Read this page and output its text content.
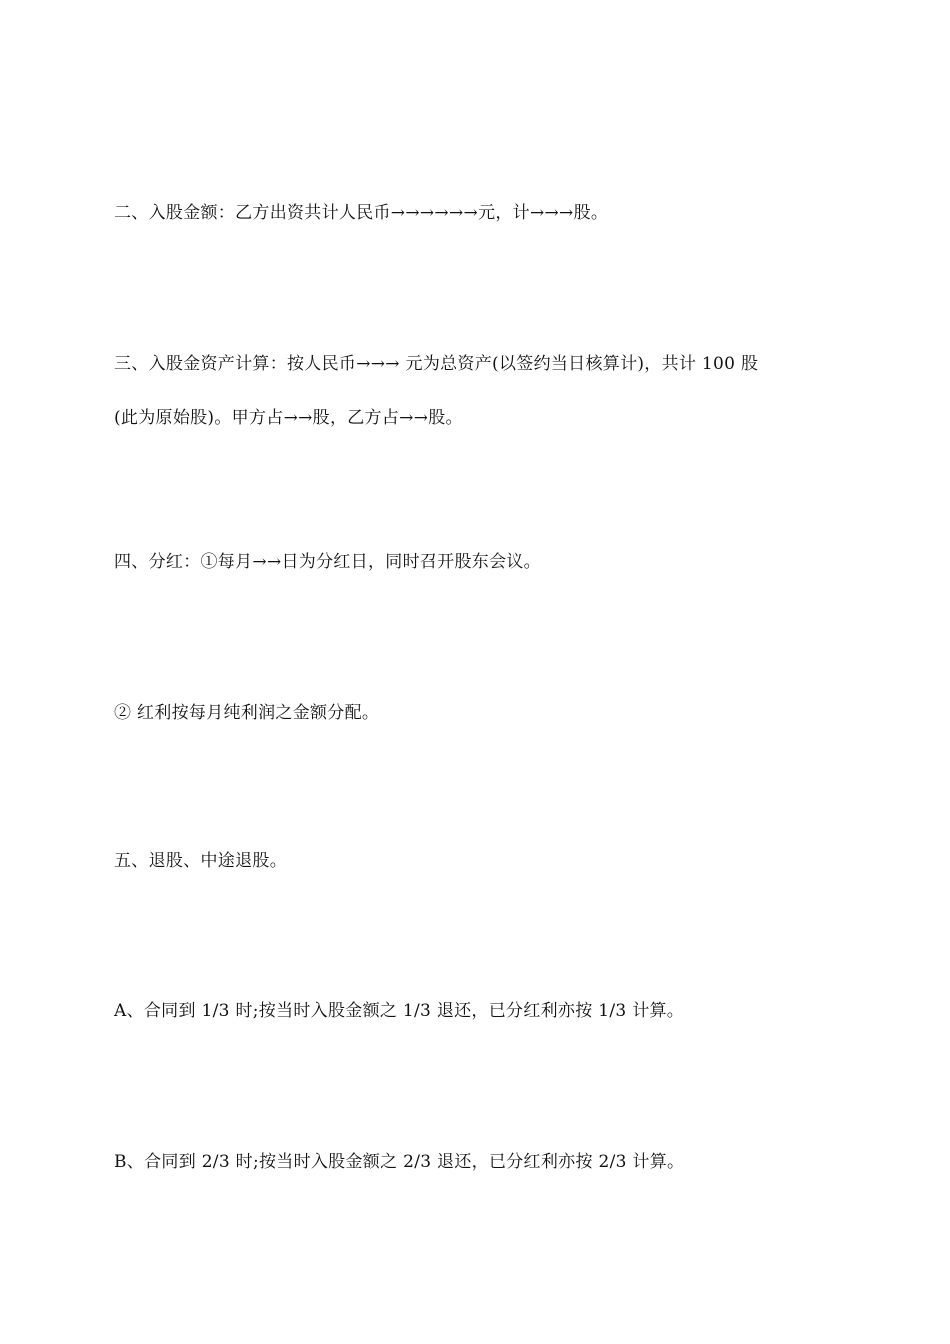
二、入股金额：乙方出资共计人民币→→→→→→元，计→→→股。
三、入股金资产计算：按人民币→→→ 元为总资产(以签约当日核算计)，共计 100 股
(此为原始股)。甲方占→→股，乙方占→→股。
四、分红：①每月→→日为分红日，同时召开股东会议。
② 红利按每月纯利润之金额分配。
五、退股、中途退股。
A、合同到 1/3 时;按当时入股金额之 1/3 退还，已分红利亦按 1/3 计算。
B、合同到 2/3 时;按当时入股金额之 2/3 退还，已分红利亦按 2/3 计算。
